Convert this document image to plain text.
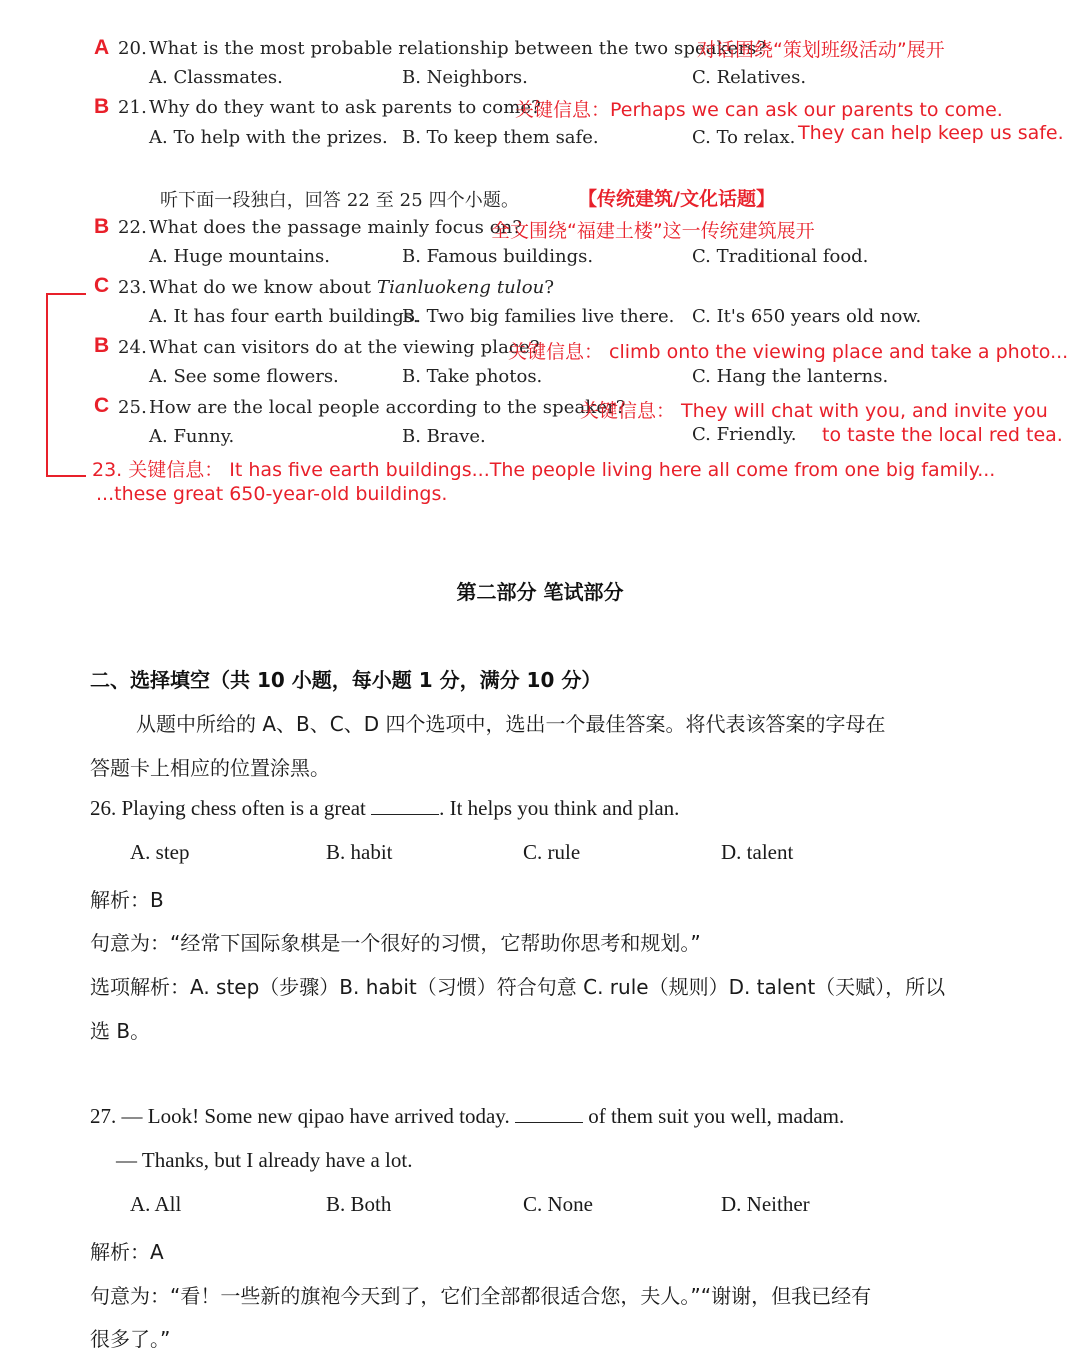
A 20. What is the most probable relationship between the two speakers?
对话围绕“策划班级活动”展开
A. Classmates.	B. Neighbors.	C. Relatives.
B 21. Why do they want to ask parents to come?
关键信息：Perhaps we can ask our parents to come.
A. To help with the prizes. B. To keep them safe.	C. To relax. They can help keep us safe.
听下面一段独白，回答 22 至 25 四个小题。	【传统建筑/文化话题】
B 22. What does the passage mainly focus on?
全文围绕“福建土楼”这一传统建筑展开
A. Huge mountains.	B. Famous buildings.	C. Traditional food.
C 23. What do we know about Tianluokeng tulou?
A. It has four earth buildings.
B. Two big families live there. C. It's 650 years old now.
B 24. What can visitors do at the viewing place?
关键信息： climb onto the viewing place and take a photo...
A. See some flowers.	B. Take photos.	C. Hang the lanterns.
C 25. How are the local people according to the speaker?
关键信息： They will chat with you, and invite you
A. Funny.	B. Brave.	C. Friendly. to taste the local red tea.
23. 关键信息： It has five earth buildings...The people living here all come from one big family...
...these great 650-year-old buildings.
第二部分 笔试部分
二、选择填空（共 10 小题，每小题 1 分，满分 10 分）
从题中所给的 A、B、C、D 四个选项中，选出一个最佳答案。将代表该答案的字母在
答题卡上相应的位置涂黑。
26. Playing chess often is a great	. It helps you think and plan.
A. step	B. habit	C. rule	D. talent
解析：B
句意为：“经常下国际象棋是一个很好的习惯，它帮助你思考和规划。”
选项解析：A. step（步骤）B. habit（习惯）符合句意 C. rule（规则）D. talent（天赋），所以
选 B。
27. — Look! Some new qipao have arrived today.	of them suit you well, madam.
— Thanks, but I already have a lot.
A. All	B. Both	C. None	D. Neither
解析：A
句意为：“看！一些新的旗袍今天到了，它们全部都很适合您，夫人。”“谢谢，但我已经有
很多了。”
